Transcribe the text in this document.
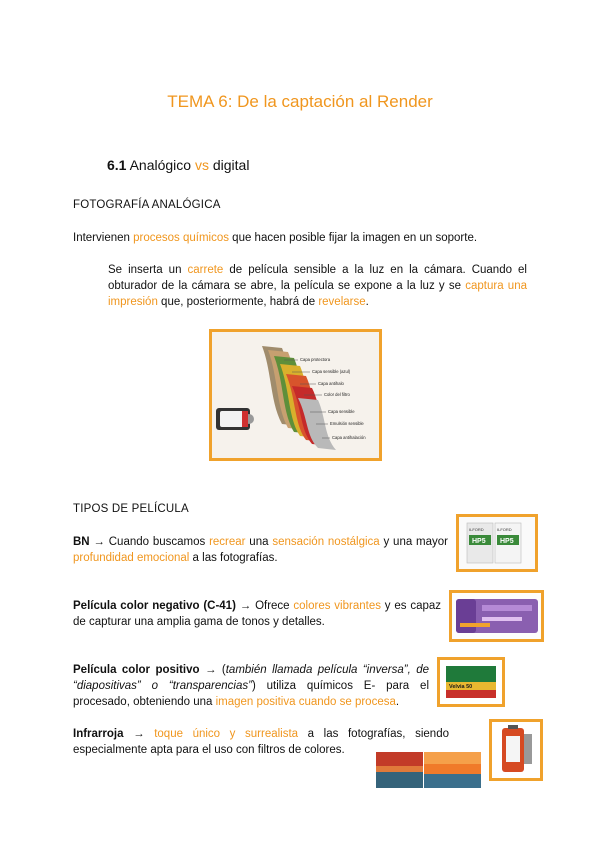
TEMA 6: De la captación al Render
6.1 Analógico vs digital
FOTOGRAFÍA ANALÓGICA
Intervienen procesos químicos que hacen posible fijar la imagen en un soporte.
Se inserta un carrete de película sensible a la luz en la cámara. Cuando el obturador de la cámara se abre, la película se expone a la luz y se captura una impresión que, posteriormente, habrá de revelarse.
Capa protectora
Capa sensible (azul)
Capa antihalo
Color del filtro
Capa sensible
Emulsión sensible
Capa antihalación
TIPOS DE PELÍCULA
BN → Cuando buscamos recrear una sensación nostálgica y una mayor profundidad emocional a las fotografías.
HP5 HP5
ILFORD	ILFORD
Película color negativo (C-41) → Ofrece colores vibrantes y es capaz de capturar una amplia gama de tonos y detalles.
Película color positivo → (también llamada película “inversa”, de “diapositivas” o “transparencias”) utiliza químicos E- para el procesado, obteniendo una imagen positiva cuando se procesa.
Velvia 50
Infrarroja → toque único y surrealista a las fotografías, siendo especialmente apta para el uso con filtros de colores.
